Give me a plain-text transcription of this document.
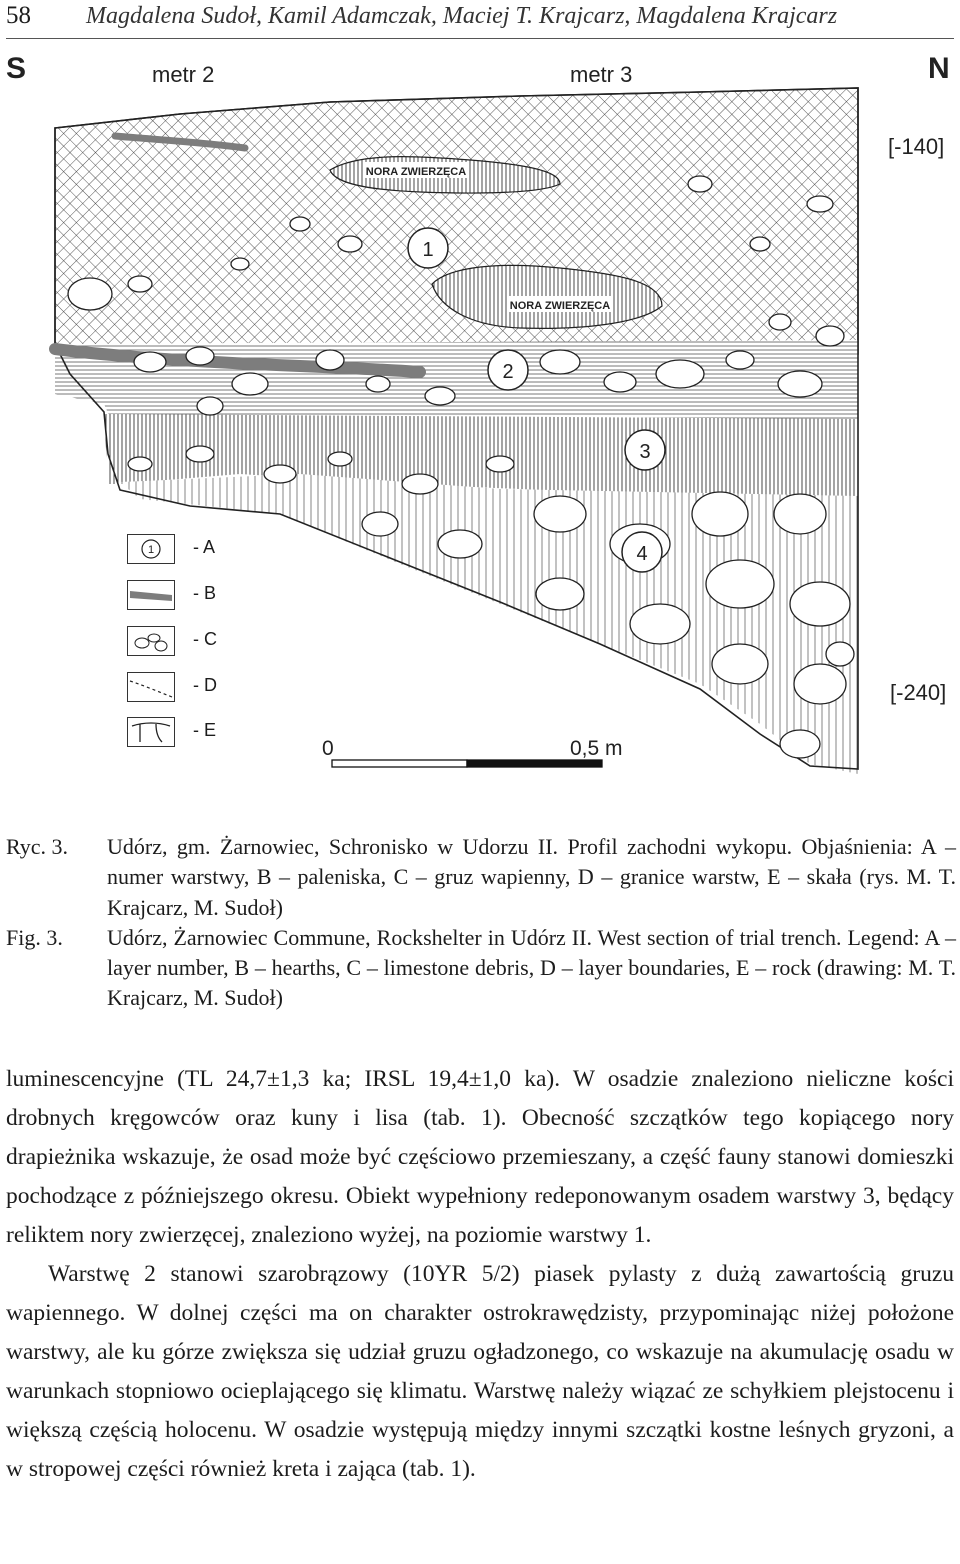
58 Magdalena Sudoł, Kamil Adamczak, Maciej T. Krajcarz, Magdalena Krajcarz
NORA ZWIERZĘCA
NORA ZWIERZĘCA
1
2
3
4
S	N
metr 2	metr 3
[-140]
[-240]
0	0,5 m
1 - A
- B
- C
- D
- E
Ryc. 3. Udórz, gm. Żarnowiec, Schronisko w Udorzu II. Profil zachodni wykopu. Objaśnienia: A – numer warstwy, B – paleniska, C – gruz wapienny, D – granice warstw, E – skała (rys. M. T. Krajcarz, M. Sudoł)
Fig. 3. Udórz, Żarnowiec Commune, Rockshelter in Udórz II. West section of trial trench. Legend: A – layer number, B – hearths, C – limestone debris, D – layer boundaries, E – rock (drawing: M. T. Krajcarz, M. Sudoł)

luminescencyjne (TL 24,7±1,3 ka; IRSL 19,4±1,0 ka). W osadzie znaleziono nieliczne kości drobnych kręgowców oraz kuny i lisa (tab. 1). Obecność szczątków tego kopiącego nory drapieżnika wskazuje, że osad może być częściowo przemieszany, a część fauny stanowi domieszki pochodzące z późniejszego okresu. Obiekt wypełniony redeponowanym osadem warstwy 3, będący reliktem nory zwierzęcej, znaleziono wyżej, na poziomie warstwy 1.

Warstwę 2 stanowi szarobrązowy (10YR 5/2) piasek pylasty z dużą zawartością gruzu wapiennego. W dolnej części ma on charakter ostrokrawędzisty, przypominając niżej położone warstwy, ale ku górze zwiększa się udział gruzu ogładzonego, co wskazuje na akumulację osadu w warunkach stopniowo ocieplającego się klimatu. Warstwę należy wiązać ze schyłkiem plejstocenu i większą częścią holocenu. W osadzie występują między innymi szczątki kostne leśnych gryzoni, a w stropowej części również kreta i zająca (tab. 1).
